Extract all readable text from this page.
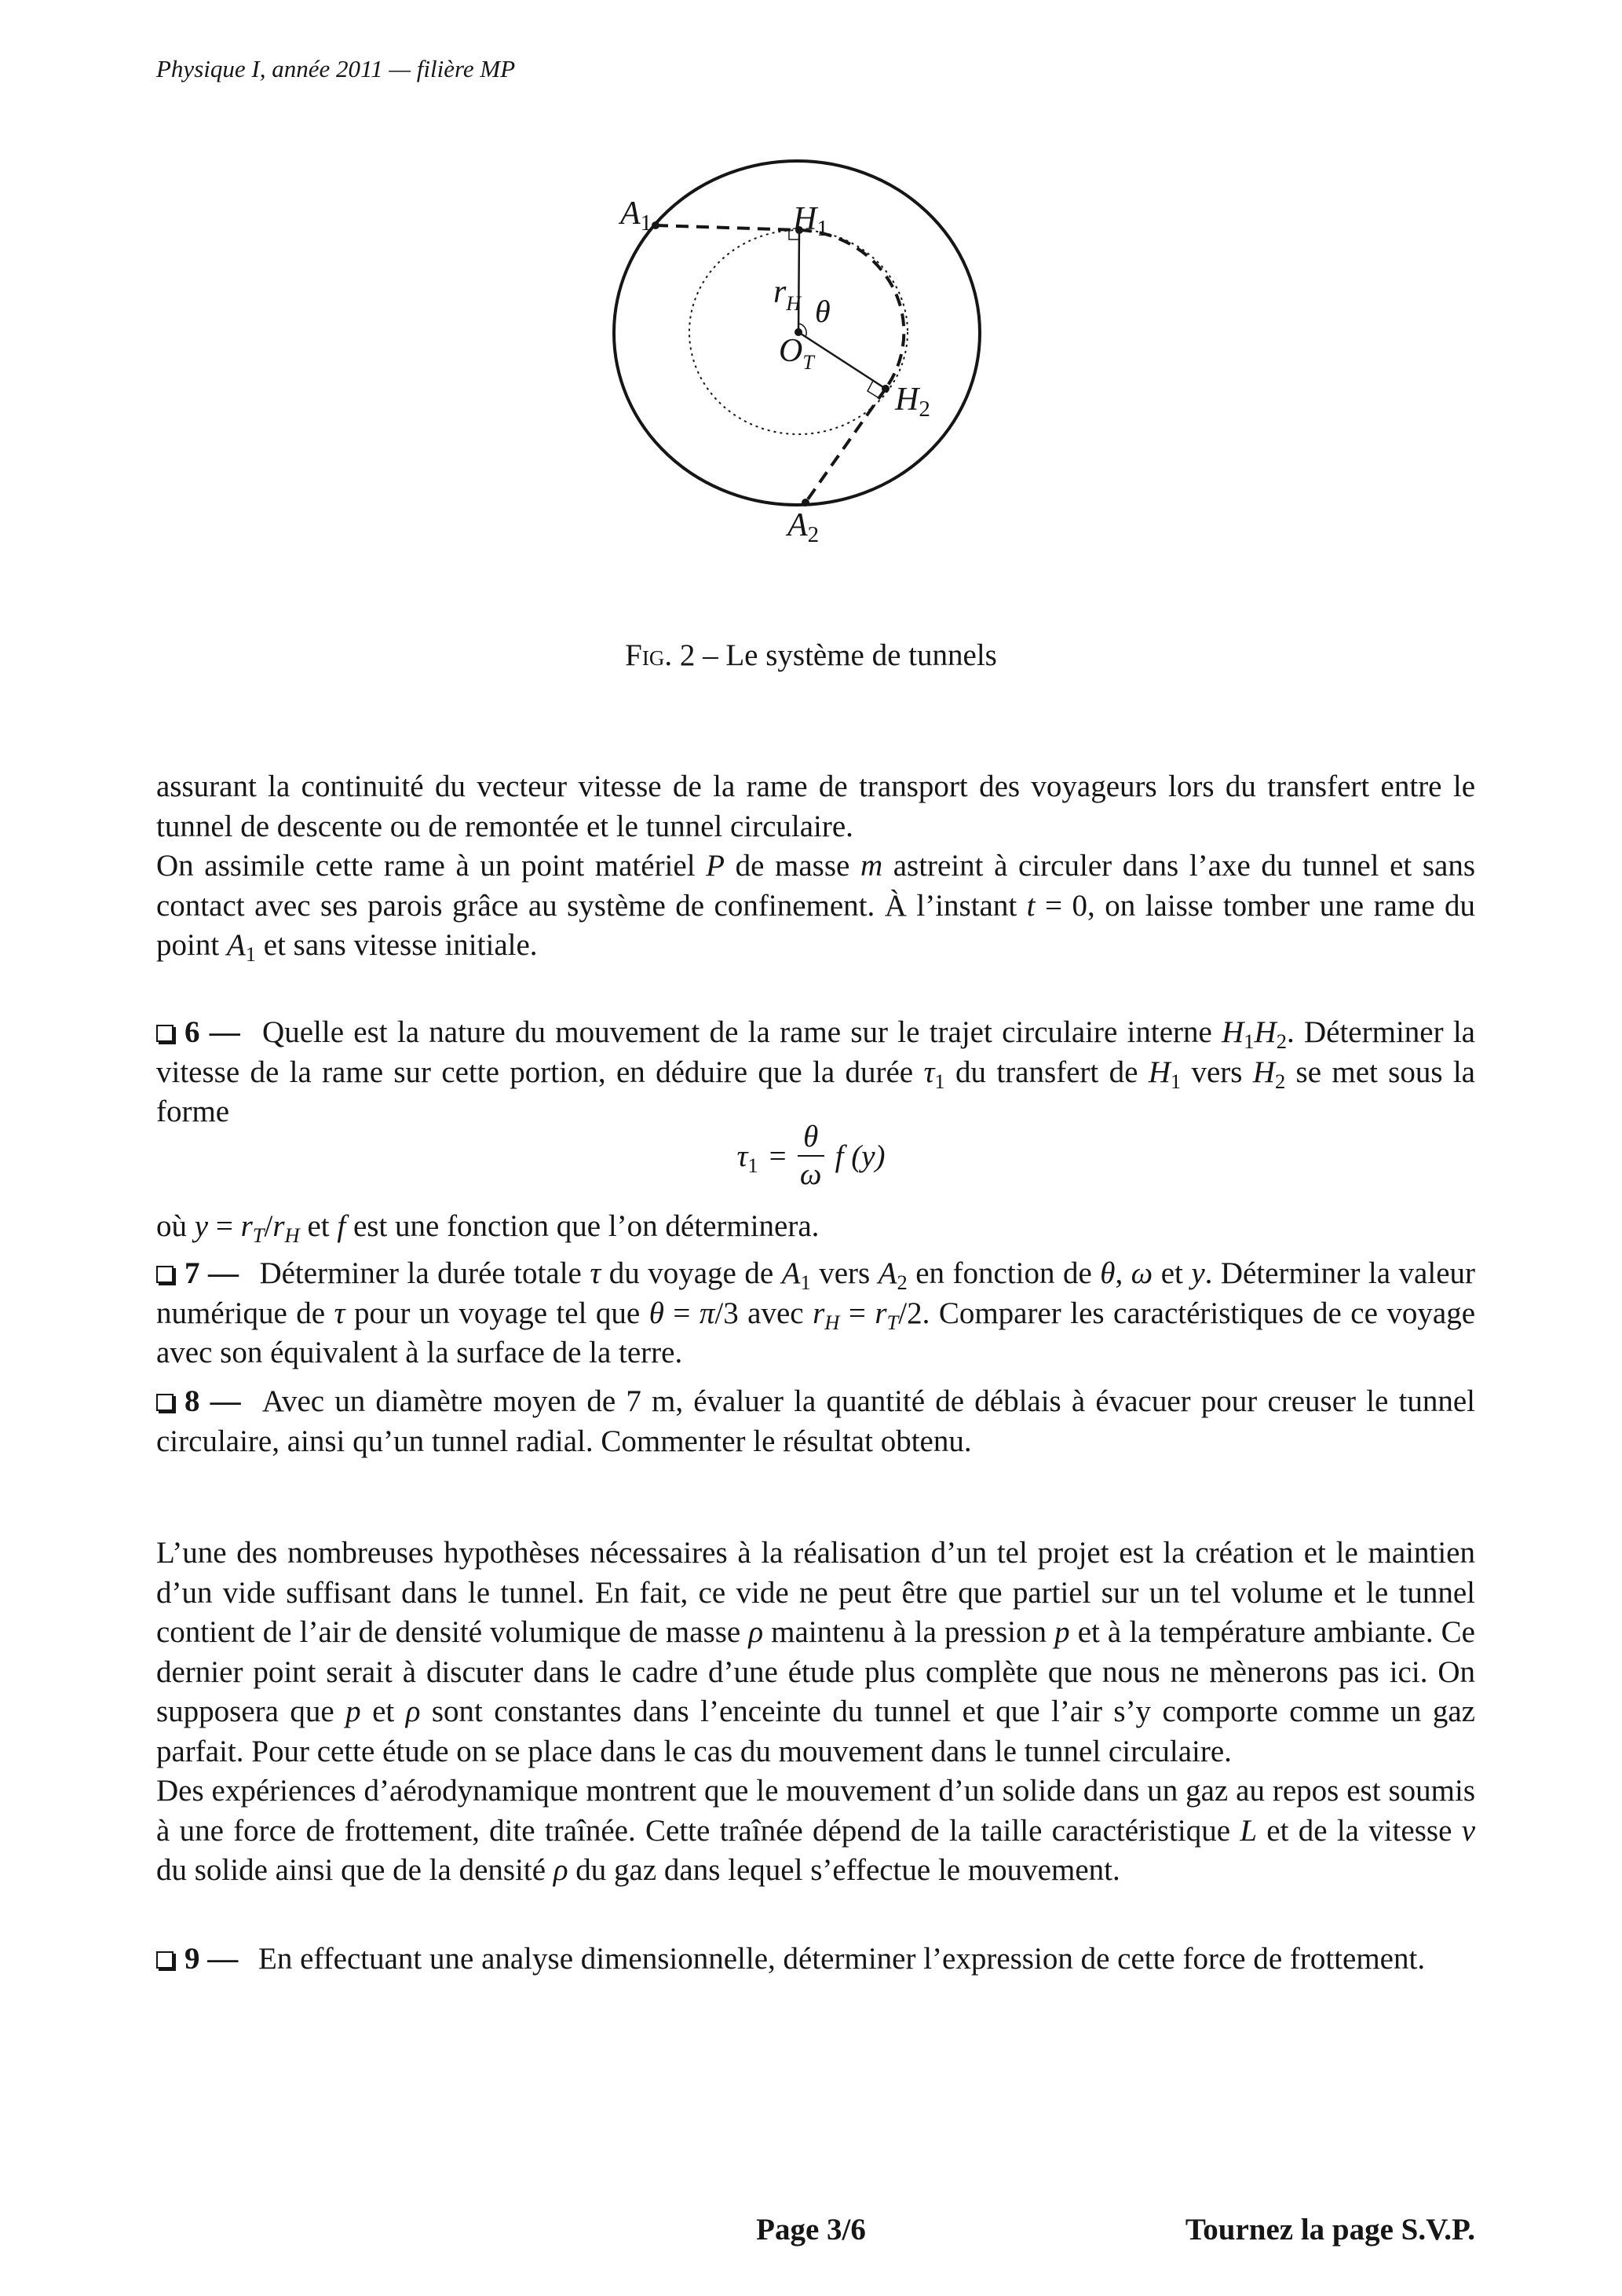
Physique I, année 2011 — filière MP
A1	H1
$r_H$ θ
$O_T$
H2
A2
Fig. 2 – Le système de tunnels

assurant la continuité du vecteur vitesse de la rame de transport des voyageurs lors du transfert entre le tunnel de descente ou de remontée et le tunnel circulaire.

On assimile cette rame à un point matériel P de masse m astreint à circuler dans l’axe du tunnel et sans contact avec ses parois grâce au système de confinement. À l’instant t = 0, on laisse tomber une rame du point $A_1$ et sans vitesse initiale.

6 — Quelle est la nature du mouvement de la rame sur le trajet circulaire interne $H_1H_2$. Déterminer la vitesse de la rame sur cette portion, en déduire que la durée $\tau_1$ du transfert de $H_1$ vers $H_2$ se met sous la forme

$\tau_1 = \frac{\theta}{\omega}$ f (y)

où $y = r_T/r_H$ et f est une fonction que l’on déterminera.

7 — Déterminer la durée totale τ du voyage de $A_1$ vers $A_2$ en fonction de θ, ω et y. Déterminer la valeur numérique de τ pour un voyage tel que θ = π/3 avec $r_H = r_T/2$. Comparer les caractéristiques de ce voyage avec son équivalent à la surface de la terre.

8 — Avec un diamètre moyen de 7 m, évaluer la quantité de déblais à évacuer pour creuser le tunnel circulaire, ainsi qu’un tunnel radial. Commenter le résultat obtenu.

L’une des nombreuses hypothèses nécessaires à la réalisation d’un tel projet est la création et le maintien d’un vide suffisant dans le tunnel. En fait, ce vide ne peut être que partiel sur un tel volume et le tunnel contient de l’air de densité volumique de masse ρ maintenu à la pression p et à la température ambiante. Ce dernier point serait à discuter dans le cadre d’une étude plus complète que nous ne mènerons pas ici. On supposera que p et ρ sont constantes dans l’enceinte du tunnel et que l’air s’y comporte comme un gaz parfait. Pour cette étude on se place dans le cas du mouvement dans le tunnel circulaire.

Des expériences d’aérodynamique montrent que le mouvement d’un solide dans un gaz au repos est soumis à une force de frottement, dite traînée. Cette traînée dépend de la taille caractéristique L et de la vitesse v du solide ainsi que de la densité ρ du gaz dans lequel s’effectue le mouvement.

9 — En effectuant une analyse dimensionnelle, déterminer l’expression de cette force de frottement.

Page 3/6	Tournez la page S.V.P.
